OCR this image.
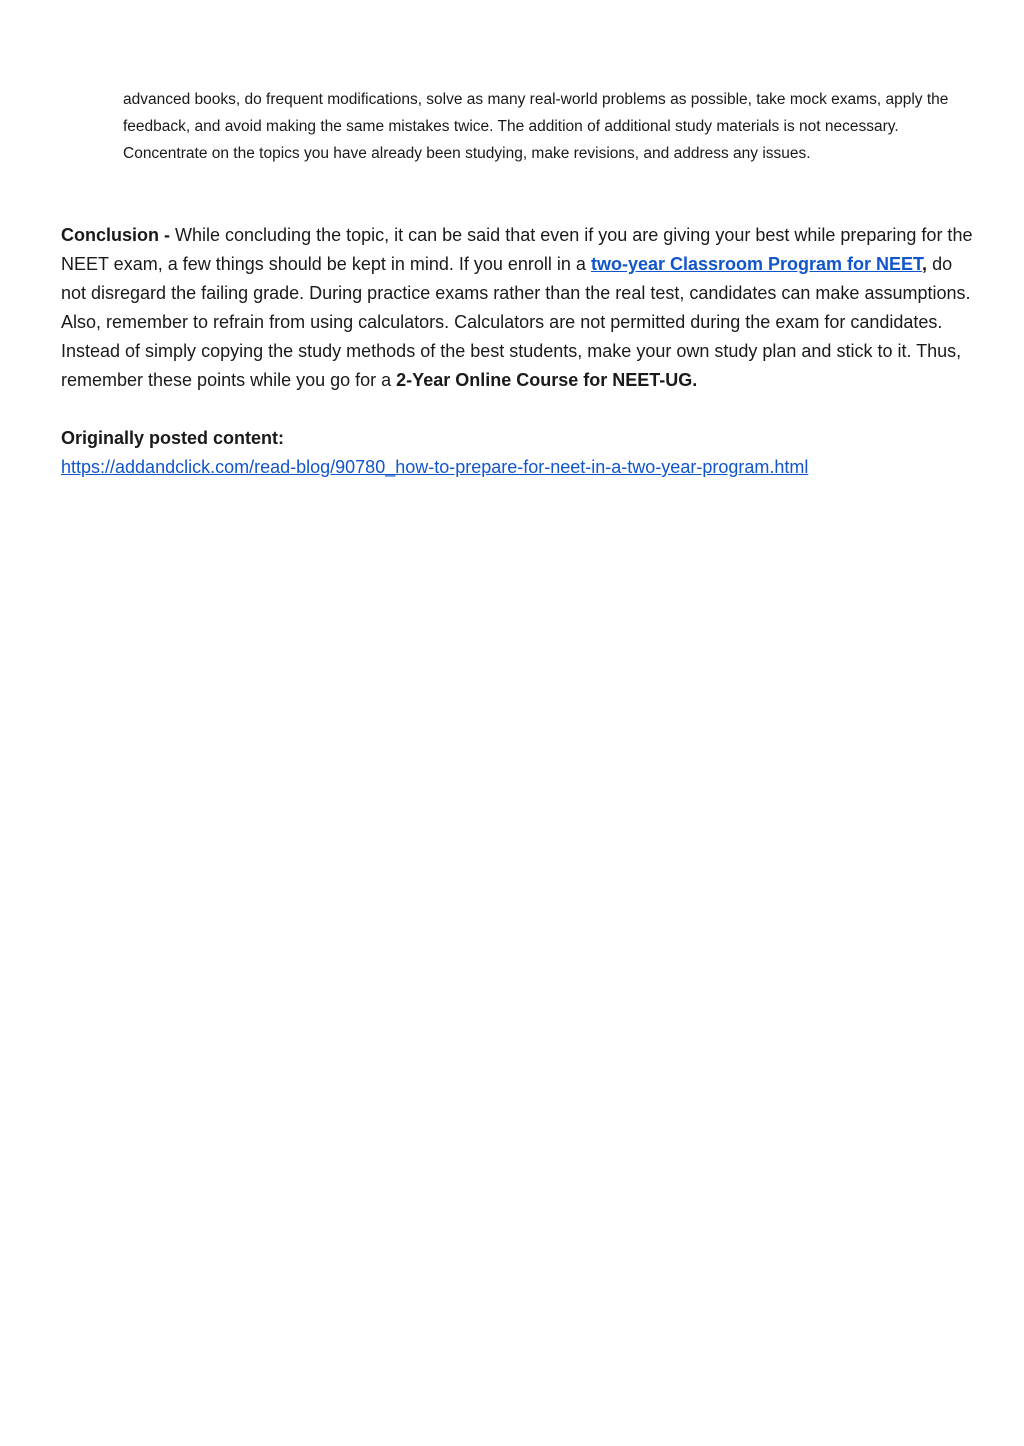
advanced books, do frequent modifications, solve as many real-world problems as possible, take mock exams, apply the feedback, and avoid making the same mistakes twice. The addition of additional study materials is not necessary. Concentrate on the topics you have already been studying, make revisions, and address any issues.

Conclusion - While concluding the topic, it can be said that even if you are giving your best while preparing for the NEET exam, a few things should be kept in mind. If you enroll in a two-year Classroom Program for NEET, do not disregard the failing grade. During practice exams rather than the real test, candidates can make assumptions. Also, remember to refrain from using calculators. Calculators are not permitted during the exam for candidates. Instead of simply copying the study methods of the best students, make your own study plan and stick to it. Thus, remember these points while you go for a 2-Year Online Course for NEET-UG.

Originally posted content:

https://addandclick.com/read-blog/90780_how-to-prepare-for-neet-in-a-two-year-program.html
